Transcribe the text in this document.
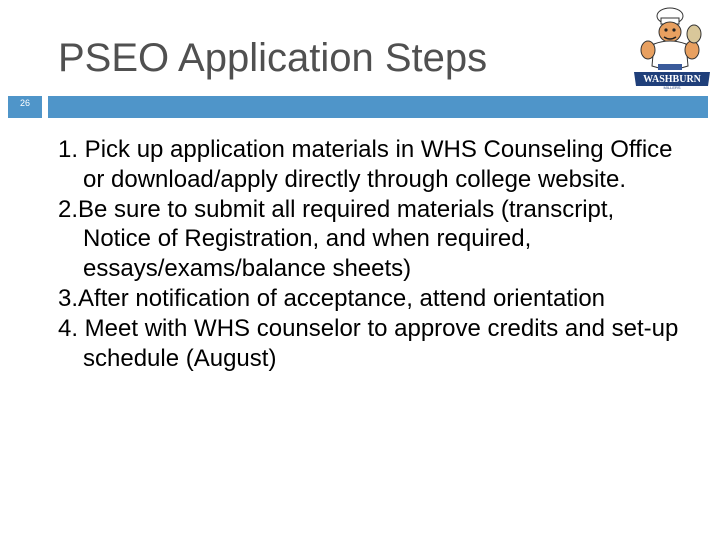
PSEO Application Steps	WASHBURN
MILLERS
26
1. Pick up application materials in WHS Counseling Office or download/apply directly through college website.
2.Be sure to submit all required materials (transcript, Notice of Registration, and when required, essays/exams/balance sheets)
3.After notification of acceptance, attend orientation
4. Meet with WHS counselor to approve credits and set-up schedule (August)
